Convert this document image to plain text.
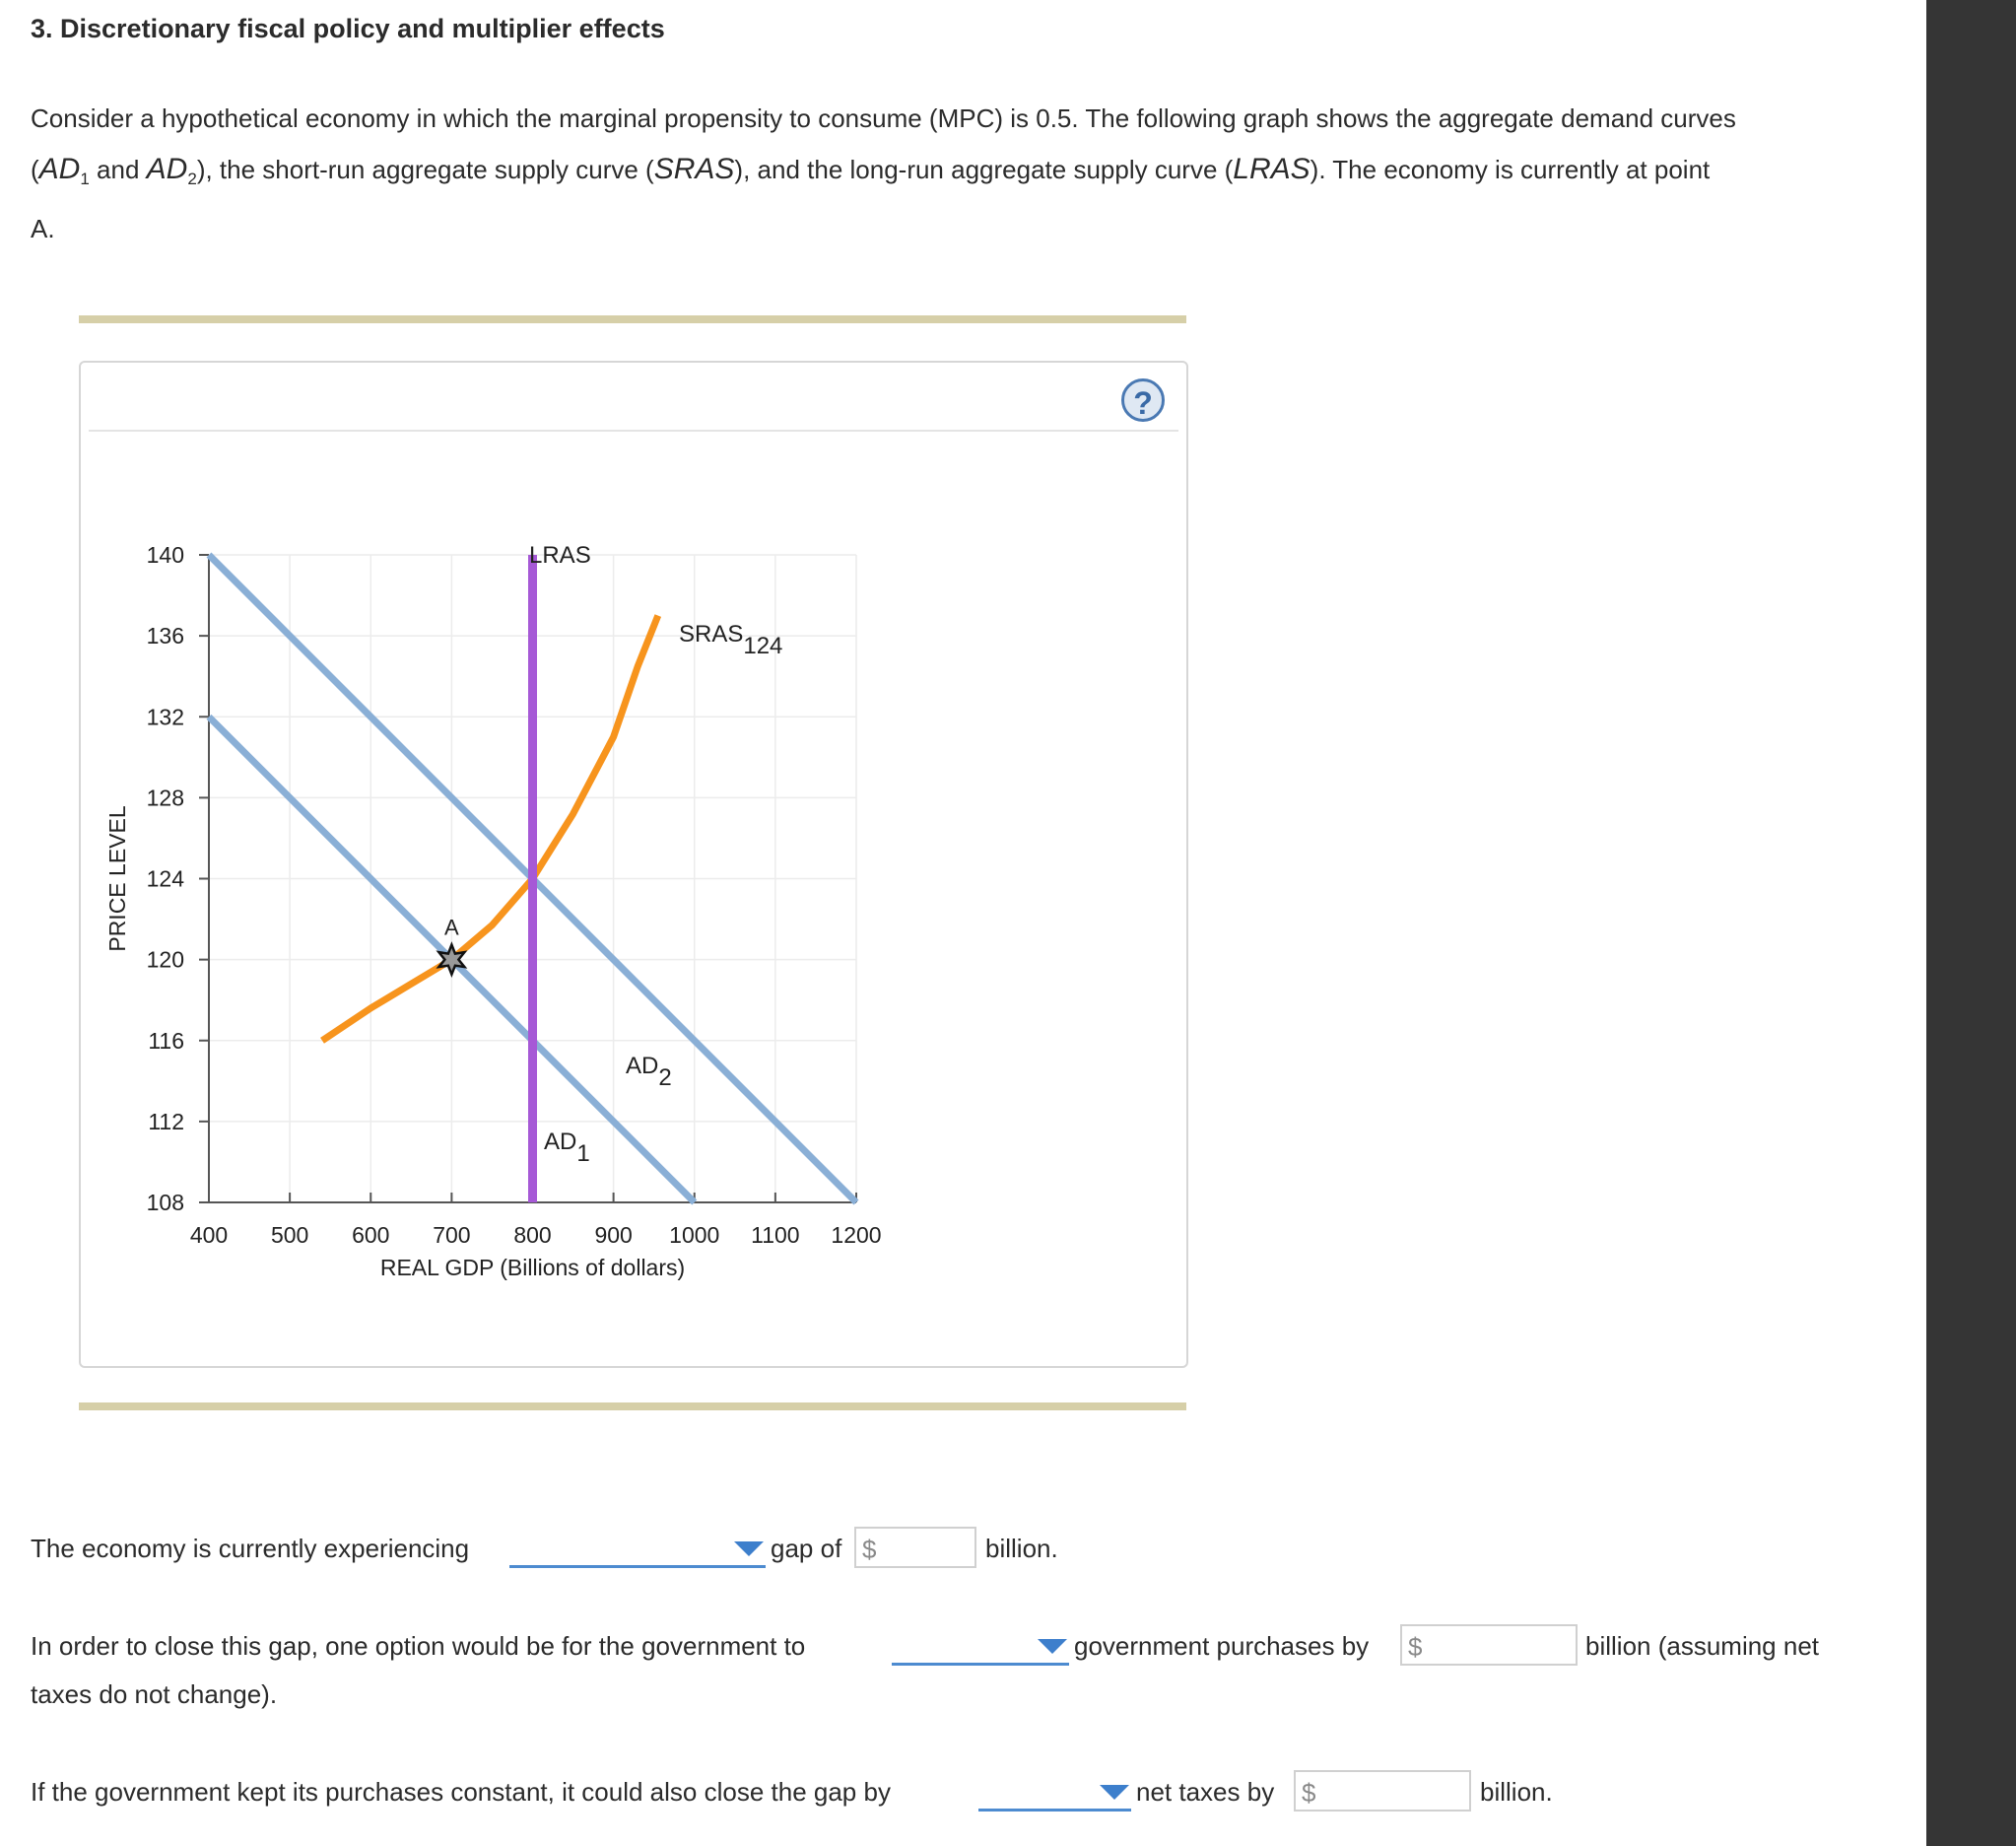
3. Discretionary fiscal policy and multiplier effects
Consider a hypothetical economy in which the marginal propensity to consume (MPC) is 0.5. The following graph shows the aggregate demand curves
($AD_1$ and $AD_2$), the short-run aggregate supply curve (SRAS), and the long-run aggregate supply curve (LRAS). The economy is currently at point
A.
?
108
112
116
120
124
128
132
136
140
400 500 600 700 800 900 1000 1100 1200
REAL GDP (Billions of dollars)
PRICE LEVEL
AD1
AD2
SRAS124
LRAS
A
The economy is currently experiencing	gap of $	billion.
In order to close this gap, one option would be for the government to	government purchases by $	billion (assuming net
taxes do not change).
If the government kept its purchases constant, it could also close the gap by	net taxes by $	billion.
